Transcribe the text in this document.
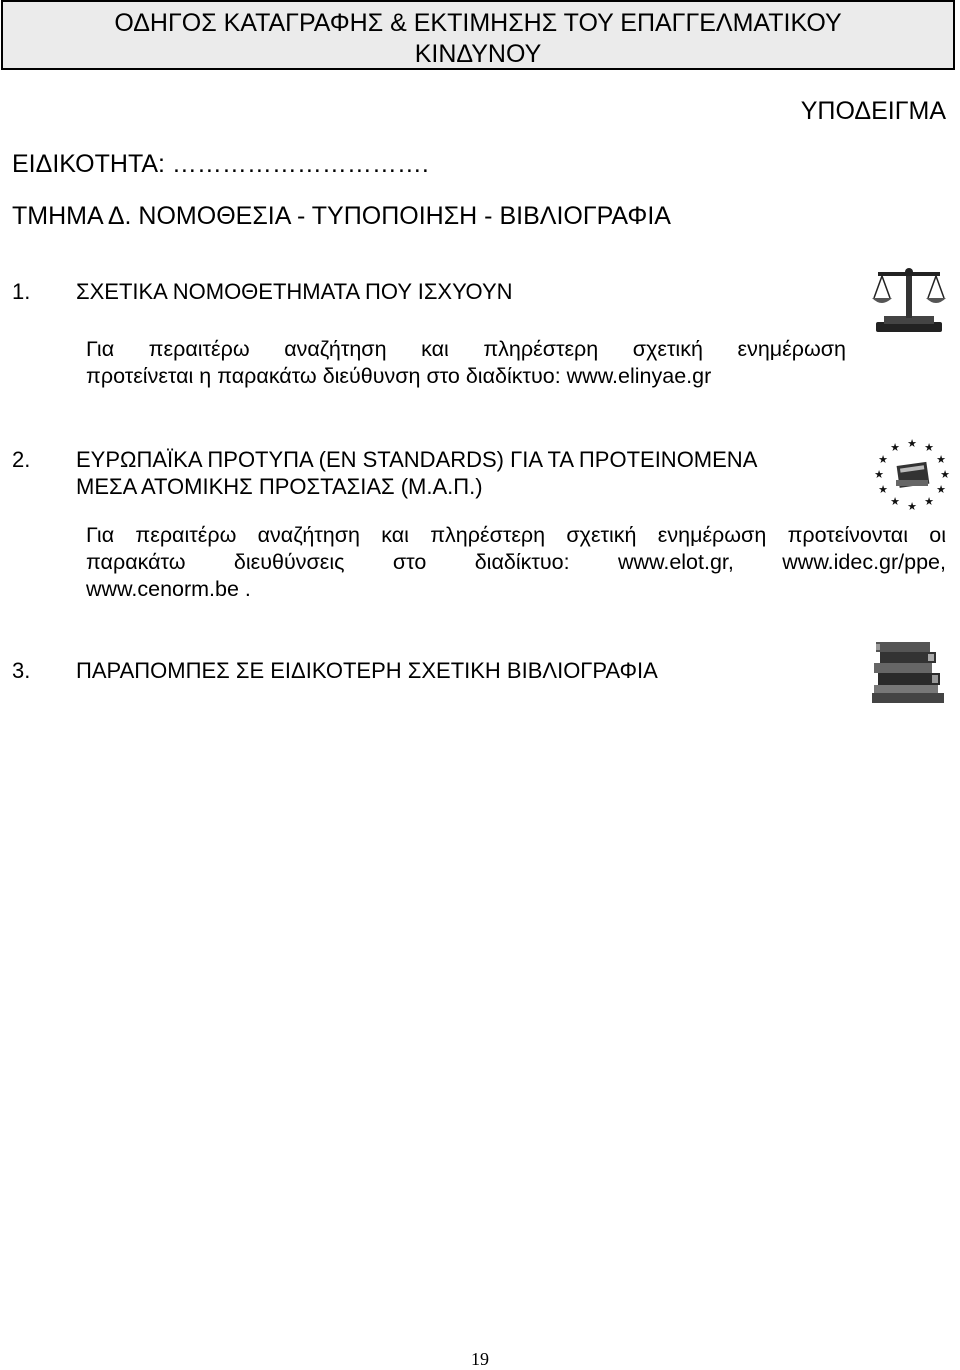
ΟΔΗΓΟΣ ΚΑΤΑΓΡΑΦΗΣ & ΕΚΤΙΜΗΣΗΣ ΤΟΥ ΕΠΑΓΓΕΛΜΑΤΙΚΟΥ
ΚΙΝΔΥΝΟΥ
ΥΠΟΔΕΙΓΜΑ
ΕΙΔΙΚΟΤΗΤΑ: ………………………….
ΤΜΗΜΑ Δ. ΝΟΜΟΘΕΣΙΑ - ΤΥΠΟΠΟΙΗΣΗ - ΒΙΒΛΙΟΓΡΑΦΙΑ
1. ΣΧΕΤΙΚΑ ΝΟΜΟΘΕΤΗΜΑΤΑ ΠΟΥ ΙΣΧΥΟΥΝ
Για περαιτέρω αναζήτηση και πληρέστερη σχετική ενημέρωση
προτείνεται η παρακάτω διεύθυνση στο διαδίκτυο: www.elinyae.gr
2. ΕΥΡΩΠΑΪΚΑ ΠΡΟΤΥΠΑ (EN STANDARDS) ΓΙΑ ΤΑ ΠΡΟΤΕΙΝΟΜΕΝΑ
ΜΕΣΑ ΑΤΟΜΙΚΗΣ ΠΡΟΣΤΑΣΙΑΣ (Μ.Α.Π.)
Για περαιτέρω αναζήτηση και πληρέστερη σχετική ενημέρωση προτείνονται οι
παρακάτω διευθύνσεις στο διαδίκτυο: www.elot.gr, www.idec.gr/ppe,
www.cenorm.be .
★ ★
★
★
★
★
★
★
★
★
★
★
3. ΠΑΡΑΠΟΜΠΕΣ ΣΕ ΕΙΔΙΚΟΤΕΡΗ ΣΧΕΤΙΚΗ ΒΙΒΛΙΟΓΡΑΦΙΑ
19
